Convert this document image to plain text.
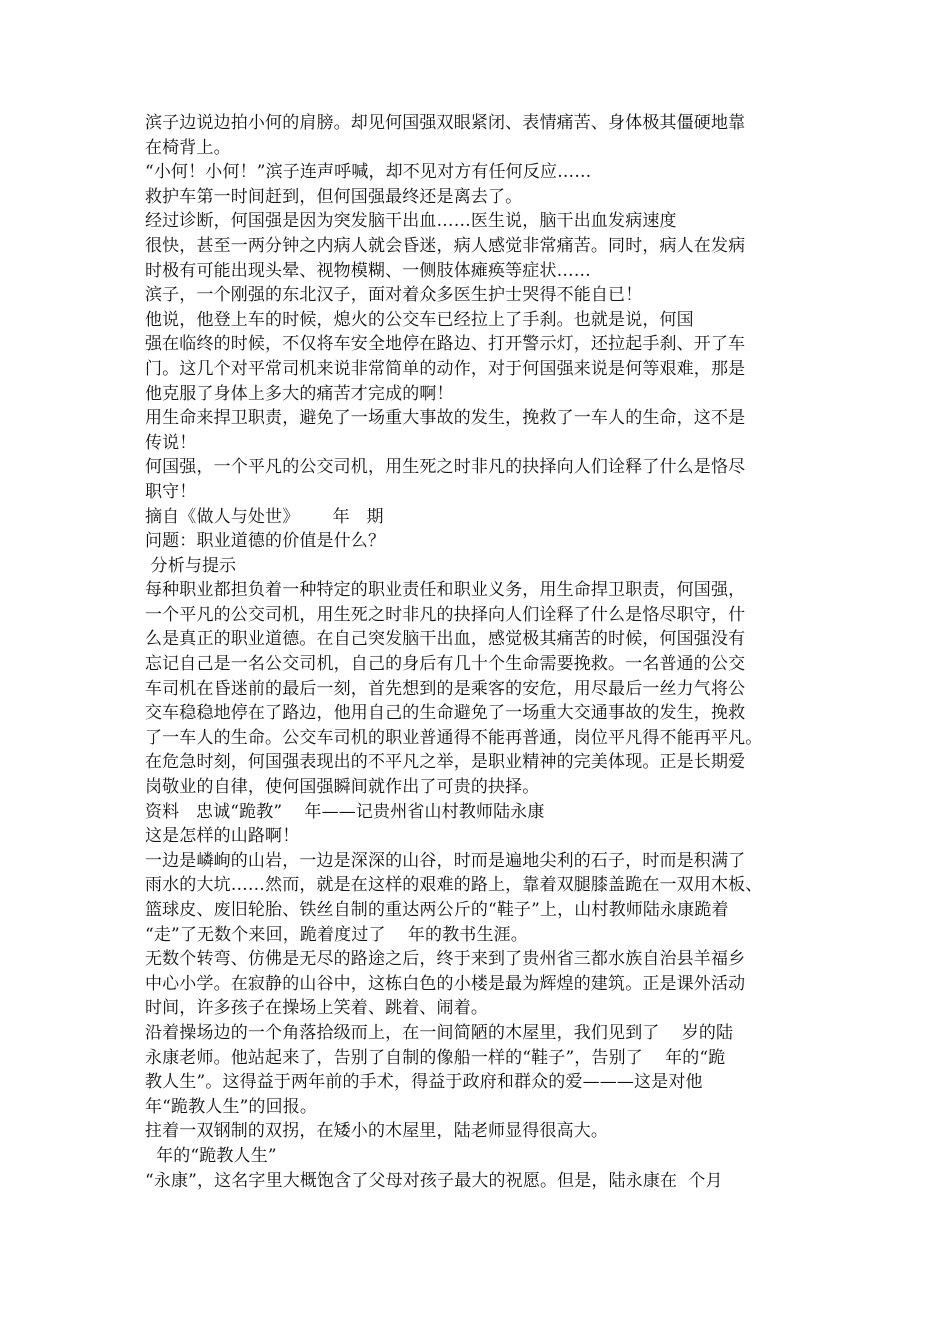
滨子边说边拍小何的肩膀。却见何国强双眼紧闭、表情痛苦、身体极其僵硬地靠
在椅背上。
“小何！小何！”滨子连声呼喊，却不见对方有任何反应……
救护车第一时间赶到，但何国强最终还是离去了。
经过诊断，何国强是因为突发脑干出血……医生说，脑干出血发病速度
很快，甚至一两分钟之内病人就会昏迷，病人感觉非常痛苦。同时，病人在发病
时极有可能出现头晕、视物模糊、一侧肢体瘫痪等症状……
滨子，一个刚强的东北汉子，面对着众多医生护士哭得不能自已！
他说，他登上车的时候，熄火的公交车已经拉上了手刹。也就是说，何国
强在临终的时候，不仅将车安全地停在路边、打开警示灯，还拉起手刹、开了车
门。这几个对平常司机来说非常简单的动作，对于何国强来说是何等艰难，那是
他克服了身体上多大的痛苦才完成的啊！
用生命来捍卫职责，避免了一场重大事故的发生，挽救了一车人的生命，这不是
传说！
何国强，一个平凡的公交司机，用生死之时非凡的抉择向人们诠释了什么是恪尽
职守！
摘自《做人与处世》      年   期
问题：职业道德的价值是什么？
分析与提示
每种职业都担负着一种特定的职业责任和职业义务，用生命捍卫职责，何国强，
一个平凡的公交司机，用生死之时非凡的抉择向人们诠释了什么是恪尽职守，什
么是真正的职业道德。在自己突发脑干出血，感觉极其痛苦的时候，何国强没有
忘记自己是一名公交司机，自己的身后有几十个生命需要挽救。一名普通的公交
车司机在昏迷前的最后一刻，首先想到的是乘客的安危，用尽最后一丝力气将公
交车稳稳地停在了路边，他用自己的生命避免了一场重大交通事故的发生，挽救
了一车人的生命。公交车司机的职业普通得不能再普通，岗位平凡得不能再平凡。
在危急时刻，何国强表现出的不平凡之举，是职业精神的完美体现。正是长期爱
岗敬业的自律，使何国强瞬间就作出了可贵的抉择。
资料   忠诚“跪教”    年——记贵州省山村教师陆永康
这是怎样的山路啊！
一边是嶙峋的山岩，一边是深深的山谷，时而是遍地尖利的石子，时而是积满了
雨水的大坑……然而，就是在这样的艰难的路上，靠着双腿膝盖跪在一双用木板、
篮球皮、废旧轮胎、铁丝自制的重达两公斤的“鞋子”上，山村教师陆永康跪着
“走”了无数个来回，跪着度过了    年的教书生涯。
无数个转弯、仿佛是无尽的路途之后，终于来到了贵州省三都水族自治县羊福乡
中心小学。在寂静的山谷中，这栋白色的小楼是最为辉煌的建筑。正是课外活动
时间，许多孩子在操场上笑着、跳着、闹着。
沿着操场边的一个角落拾级而上，在一间简陋的木屋里，我们见到了    岁的陆
永康老师。他站起来了，告别了自制的像船一样的“鞋子”，告别了    年的“跪
教人生”。这得益于两年前的手术，得益于政府和群众的爱———这是对他
年“跪教人生”的回报。
拄着一双钢制的双拐，在矮小的木屋里，陆老师显得很高大。
年的“跪教人生”
“永康”，这名字里大概饱含了父母对孩子最大的祝愿。但是，陆永康在  个月
